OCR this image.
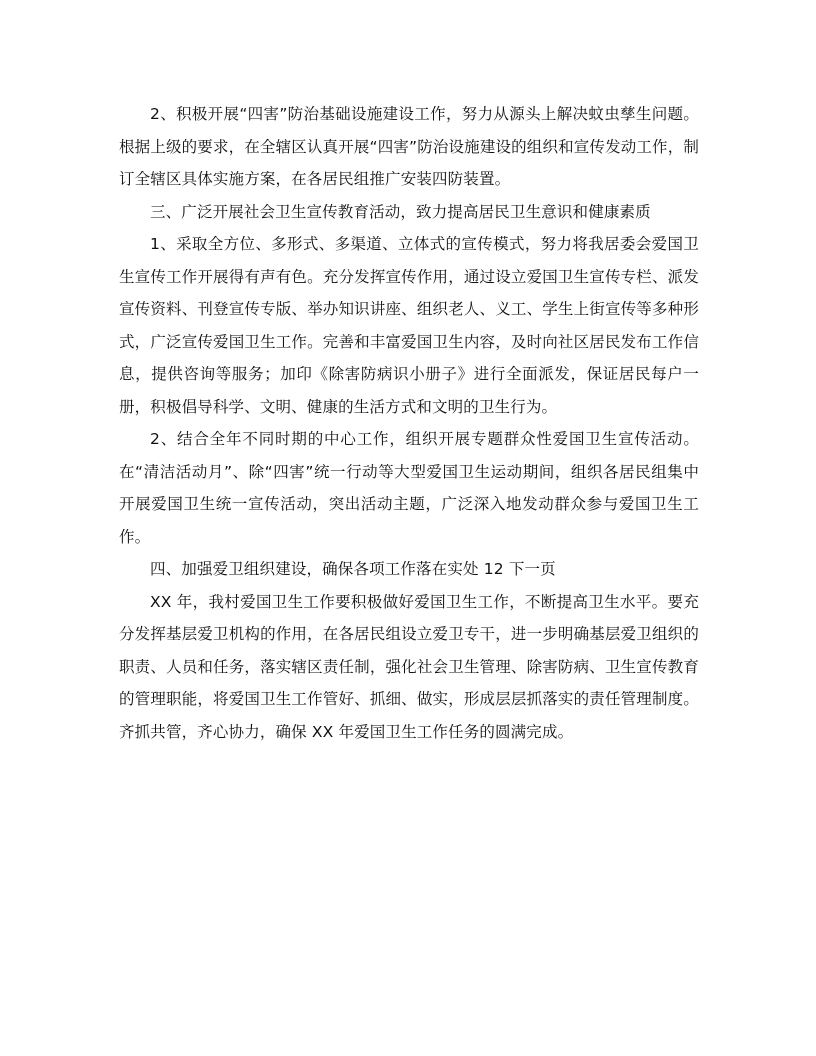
2、积极开展“四害”防治基础设施建设工作，努力从源头上解决蚊虫孳生问题。根据上级的要求，在全辖区认真开展“四害”防治设施建设的组织和宣传发动工作，制订全辖区具体实施方案，在各居民组推广安装四防装置。

三、广泛开展社会卫生宣传教育活动，致力提高居民卫生意识和健康素质

1、采取全方位、多形式、多渠道、立体式的宣传模式，努力将我居委会爱国卫生宣传工作开展得有声有色。充分发挥宣传作用，通过设立爱国卫生宣传专栏、派发宣传资料、刊登宣传专版、举办知识讲座、组织老人、义工、学生上街宣传等多种形式，广泛宣传爱国卫生工作。完善和丰富爱国卫生内容，及时向社区居民发布工作信息，提供咨询等服务；加印《除害防病识小册子》进行全面派发，保证居民每户一册，积极倡导科学、文明、健康的生活方式和文明的卫生行为。

2、结合全年不同时期的中心工作，组织开展专题群众性爱国卫生宣传活动。在“清洁活动月”、除“四害”统一行动等大型爱国卫生运动期间，组织各居民组集中开展爱国卫生统一宣传活动，突出活动主题，广泛深入地发动群众参与爱国卫生工作。

四、加强爱卫组织建设，确保各项工作落在实处 12 下一页

XX 年，我村爱国卫生工作要积极做好爱国卫生工作，不断提高卫生水平。要充分发挥基层爱卫机构的作用，在各居民组设立爱卫专干，进一步明确基层爱卫组织的职责、人员和任务，落实辖区责任制，强化社会卫生管理、除害防病、卫生宣传教育的管理职能，将爱国卫生工作管好、抓细、做实，形成层层抓落实的责任管理制度。齐抓共管，齐心协力，确保 XX 年爱国卫生工作任务的圆满完成。
